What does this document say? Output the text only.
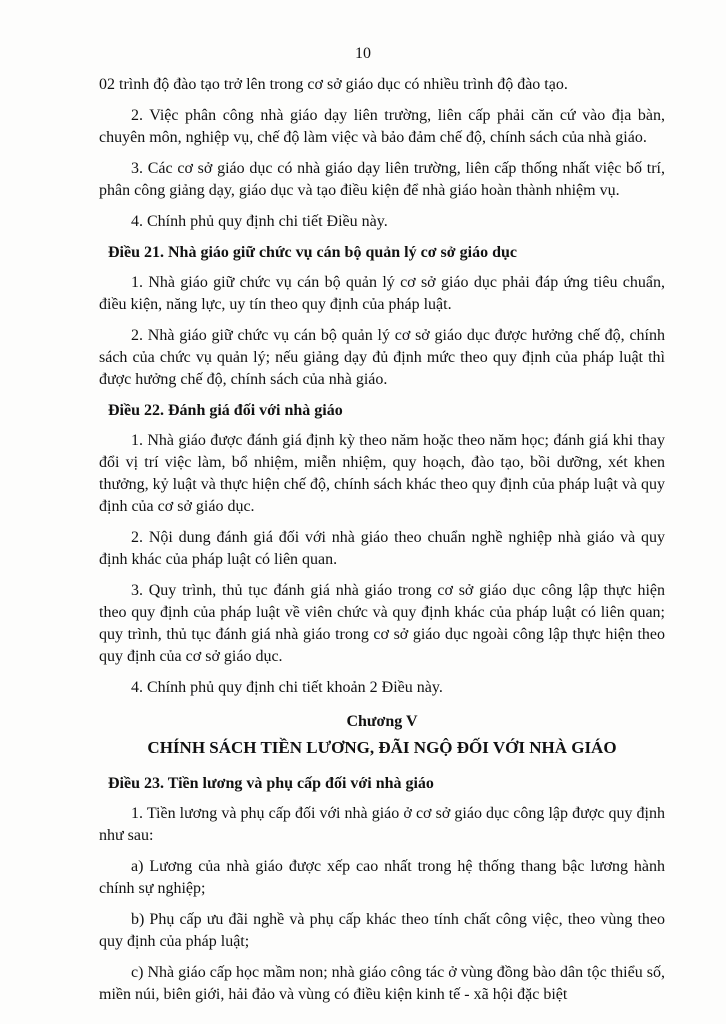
10

02 trình độ đào tạo trở lên trong cơ sở giáo dục có nhiều trình độ đào tạo.

2. Việc phân công nhà giáo dạy liên trường, liên cấp phải căn cứ vào địa bàn, chuyên môn, nghiệp vụ, chế độ làm việc và bảo đảm chế độ, chính sách của nhà giáo.

3. Các cơ sở giáo dục có nhà giáo dạy liên trường, liên cấp thống nhất việc bố trí, phân công giảng dạy, giáo dục và tạo điều kiện để nhà giáo hoàn thành nhiệm vụ.

4. Chính phủ quy định chi tiết Điều này.

Điều 21. Nhà giáo giữ chức vụ cán bộ quản lý cơ sở giáo dục

1. Nhà giáo giữ chức vụ cán bộ quản lý cơ sở giáo dục phải đáp ứng tiêu chuẩn, điều kiện, năng lực, uy tín theo quy định của pháp luật.

2. Nhà giáo giữ chức vụ cán bộ quản lý cơ sở giáo dục được hưởng chế độ, chính sách của chức vụ quản lý; nếu giảng dạy đủ định mức theo quy định của pháp luật thì được hưởng chế độ, chính sách của nhà giáo.

Điều 22. Đánh giá đối với nhà giáo

1. Nhà giáo được đánh giá định kỳ theo năm hoặc theo năm học; đánh giá khi thay đổi vị trí việc làm, bổ nhiệm, miễn nhiệm, quy hoạch, đào tạo, bồi dưỡng, xét khen thưởng, kỷ luật và thực hiện chế độ, chính sách khác theo quy định của pháp luật và quy định của cơ sở giáo dục.

2. Nội dung đánh giá đối với nhà giáo theo chuẩn nghề nghiệp nhà giáo và quy định khác của pháp luật có liên quan.

3. Quy trình, thủ tục đánh giá nhà giáo trong cơ sở giáo dục công lập thực hiện theo quy định của pháp luật về viên chức và quy định khác của pháp luật có liên quan; quy trình, thủ tục đánh giá nhà giáo trong cơ sở giáo dục ngoài công lập thực hiện theo quy định của cơ sở giáo dục.

4. Chính phủ quy định chi tiết khoản 2 Điều này.

Chương V

CHÍNH SÁCH TIỀN LƯƠNG, ĐÃI NGỘ ĐỐI VỚI NHÀ GIÁO

Điều 23. Tiền lương và phụ cấp đối với nhà giáo

1. Tiền lương và phụ cấp đối với nhà giáo ở cơ sở giáo dục công lập được quy định như sau:

a) Lương của nhà giáo được xếp cao nhất trong hệ thống thang bậc lương hành chính sự nghiệp;

b) Phụ cấp ưu đãi nghề và phụ cấp khác theo tính chất công việc, theo vùng theo quy định của pháp luật;

c) Nhà giáo cấp học mầm non; nhà giáo công tác ở vùng đồng bào dân tộc thiểu số, miền núi, biên giới, hải đảo và vùng có điều kiện kinh tế - xã hội đặc biệt
